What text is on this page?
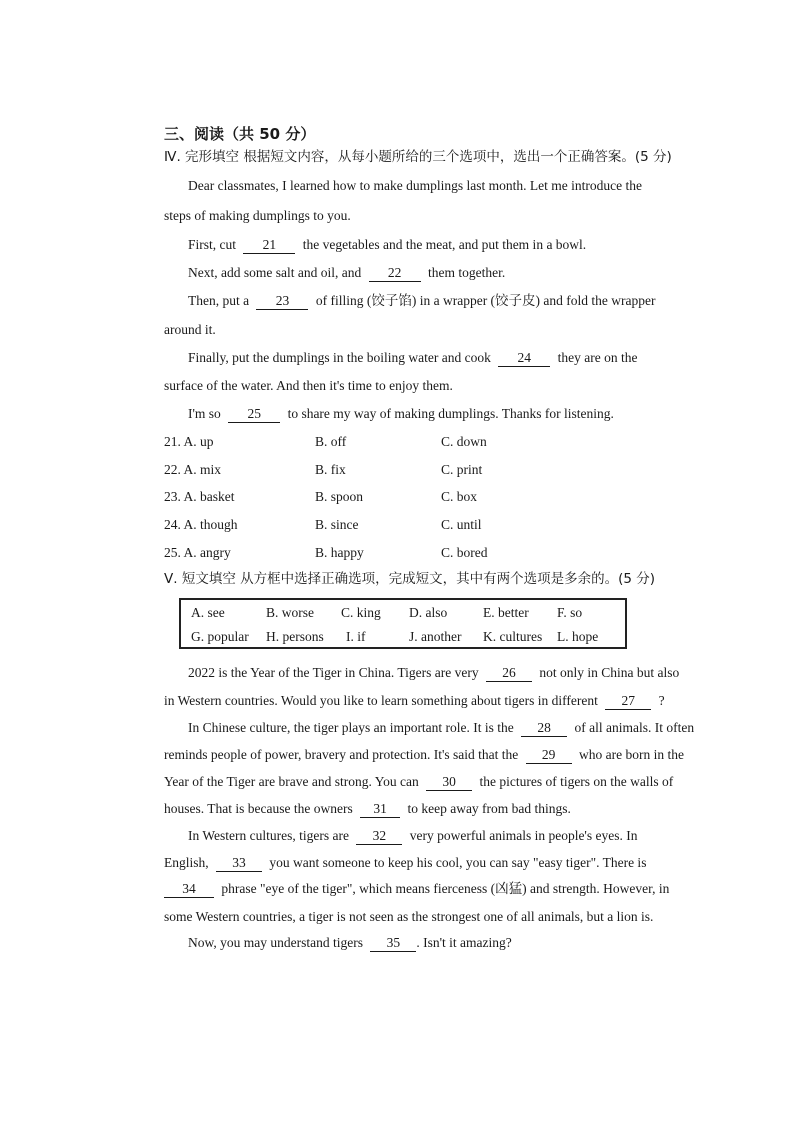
三、阅读（共 50 分）
Ⅳ. 完形填空 根据短文内容，从每小题所给的三个选项中，选出一个正确答案。(5 分)
Dear classmates, I learned how to make dumplings last month. Let me introduce the
steps of making dumplings to you.
First, cut 21 the vegetables and the meat, and put them in a bowl.
Next, add some salt and oil, and 22 them together.
Then, put a 23 of filling (饺子馅) in a wrapper (饺子皮) and fold the wrapper
around it.
Finally, put the dumplings in the boiling water and cook 24 they are on the
surface of the water. And then it's time to enjoy them.
I'm so 25 to share my way of making dumplings. Thanks for listening.
21. A. up	B. off	C. down
22. A. mix	B. fix	C. print
23. A. basket	B. spoon	C. box
24. A. though	B. since	C. until
25. A. angry	B. happy	C. bored
Ⅴ. 短文填空 从方框中选择正确选项，完成短文，其中有两个选项是多余的。(5 分)
A. see	B. worse C. king D. also	E. better F. so
G. popular H. persons I. if	J. another K. cultures L. hope
2022 is the Year of the Tiger in China. Tigers are very 26 not only in China but also
in Western countries. Would you like to learn something about tigers in different 27 ?
In Chinese culture, the tiger plays an important role. It is the 28 of all animals. It often
reminds people of power, bravery and protection. It's said that the 29 who are born in the
Year of the Tiger are brave and strong. You can 30 the pictures of tigers on the walls of
houses. That is because the owners 31 to keep away from bad things.
In Western cultures, tigers are 32 very powerful animals in people's eyes. In
English, 33 you want someone to keep his cool, you can say "easy tiger". There is
34 phrase "eye of the tiger", which means fierceness (凶猛) and strength. However, in
some Western countries, a tiger is not seen as the strongest one of all animals, but a lion is.
Now, you may understand tigers 35 . Isn't it amazing?
